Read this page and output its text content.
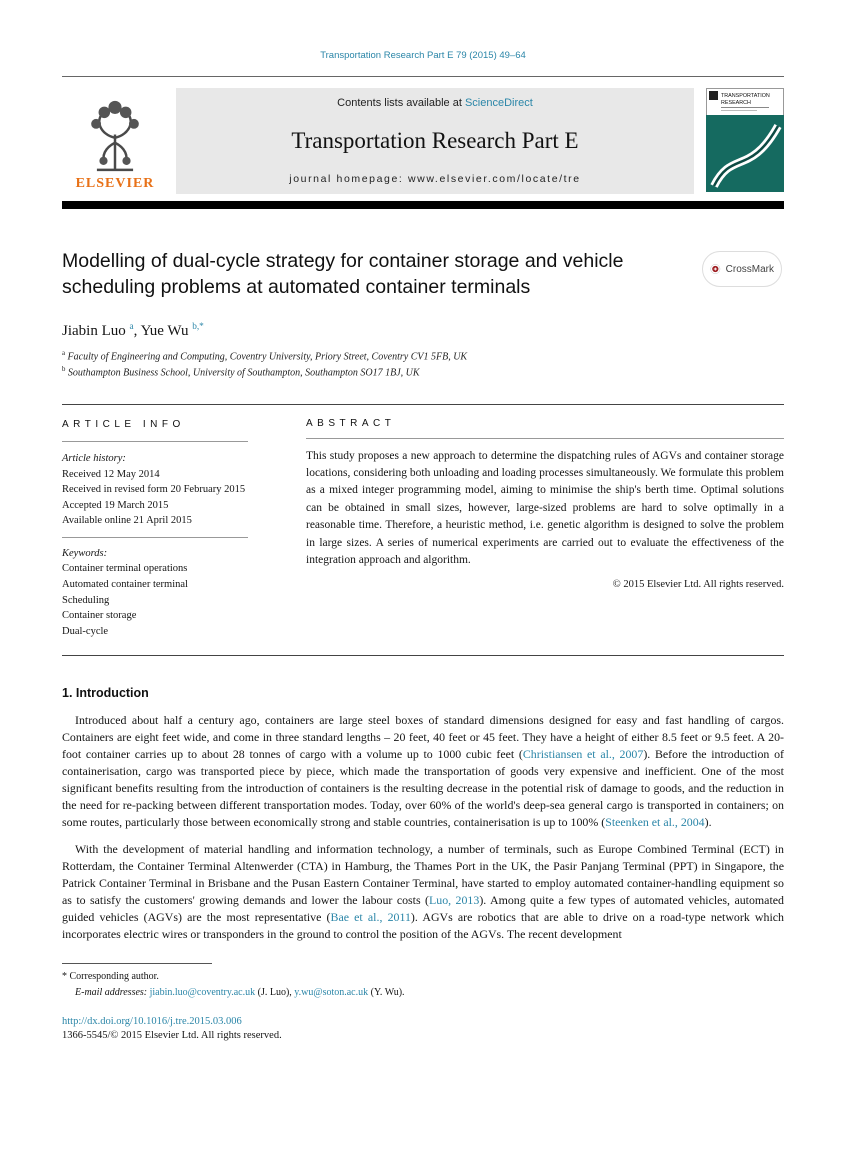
Transportation Research Part E 79 (2015) 49–64
ELSEVIER
Contents lists available at ScienceDirect
Transportation Research Part E
journal homepage: www.elsevier.com/locate/tre
TRANSPORTATION
RESEARCH
Modelling of dual-cycle strategy for container storage and vehicle scheduling problems at automated container terminals
CrossMark
Jiabin Luo $^a$, Yue Wu $^{b,*}$
$^a$ Faculty of Engineering and Computing, Coventry University, Priory Street, Coventry CV1 5FB, UK
$^b$ Southampton Business School, University of Southampton, Southampton SO17 1BJ, UK
ARTICLE INFO
Article history:
Received 12 May 2014
Received in revised form 20 February 2015
Accepted 19 March 2015
Available online 21 April 2015
Keywords:
Container terminal operations
Automated container terminal
Scheduling
Container storage
Dual-cycle
ABSTRACT

This study proposes a new approach to determine the dispatching rules of AGVs and container storage locations, considering both unloading and loading processes simultaneously. We formulate this problem as a mixed integer programming model, aiming to minimise the ship's berth time. Optimal solutions can be obtained in small sizes, however, large-sized problems are hard to solve optimally in a reasonable time. Therefore, a heuristic method, i.e. genetic algorithm is designed to solve the problem in large sizes. A series of numerical experiments are carried out to evaluate the effectiveness of the integration approach and algorithm.

© 2015 Elsevier Ltd. All rights reserved.
1. Introduction

Introduced about half a century ago, containers are large steel boxes of standard dimensions designed for easy and fast handling of cargos. Containers are eight feet wide, and come in three standard lengths – 20 feet, 40 feet or 45 feet. They have a height of either 8.5 feet or 9.5 feet. A 20-foot container carries up to about 28 tonnes of cargo with a volume up to 1000 cubic feet (Christiansen et al., 2007). Before the introduction of containerisation, cargo was transported piece by piece, which made the transportation of goods very expensive and inefficient. One of the most significant benefits resulting from the introduction of containers is the resulting decrease in the potential risk of damage to goods, and the reduction in the need for re-packing between different transportation modes. Today, over 60% of the world's deep-sea general cargo is transported in containers; on some routes, particularly those between economically strong and stable countries, containerisation is up to 100% (Steenken et al., 2004).

With the development of material handling and information technology, a number of terminals, such as Europe Combined Terminal (ECT) in Rotterdam, the Container Terminal Altenwerder (CTA) in Hamburg, the Thames Port in the UK, the Pasir Panjang Terminal (PPT) in Singapore, the Patrick Container Terminal in Brisbane and the Pusan Eastern Container Terminal, have started to employ automated container-handling equipment so as to satisfy the customers' growing demands and lower the labour costs (Luo, 2013). Among quite a few types of automated vehicles, automated guided vehicles (AGVs) are the most representative (Bae et al., 2011). AGVs are robotics that are able to drive on a road-type network which incorporates electric wires or transponders in the ground to control the position of the AGVs. The recent development

* Corresponding author.
E-mail addresses: jiabin.luo@coventry.ac.uk (J. Luo), y.wu@soton.ac.uk (Y. Wu).
http://dx.doi.org/10.1016/j.tre.2015.03.006
1366-5545/© 2015 Elsevier Ltd. All rights reserved.
